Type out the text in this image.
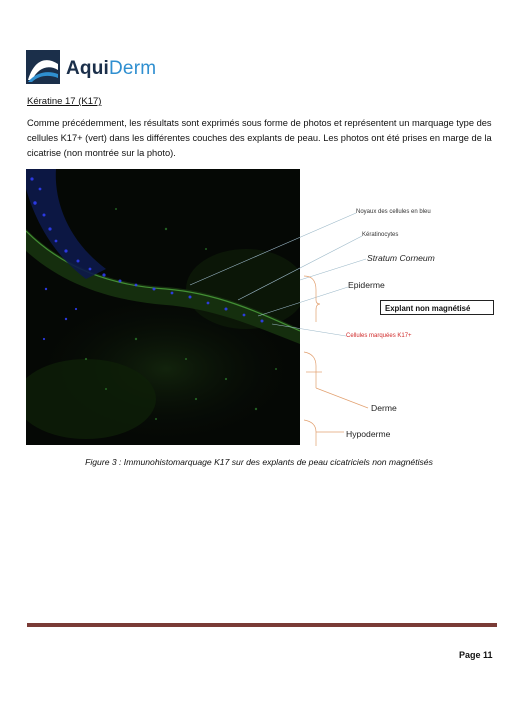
AquiDerm
Kératine 17 (K17)
Comme précédemment, les résultats sont exprimés sous forme de photos et représentent un marquage type des cellules K17+ (vert) dans les différentes couches des explants de peau. Les photos ont été prises en marge de la cicatrise (non montrée sur la photo).
Noyaux des cellules en bleu
Kératinocytes
Stratum Corneum
Epiderme
Explant non magnétisé
Cellules marquées K17+
Derme
Hypoderme
Figure 3 : Immunohistomarquage K17 sur des explants de peau cicatriciels non magnétisés
Page 11
